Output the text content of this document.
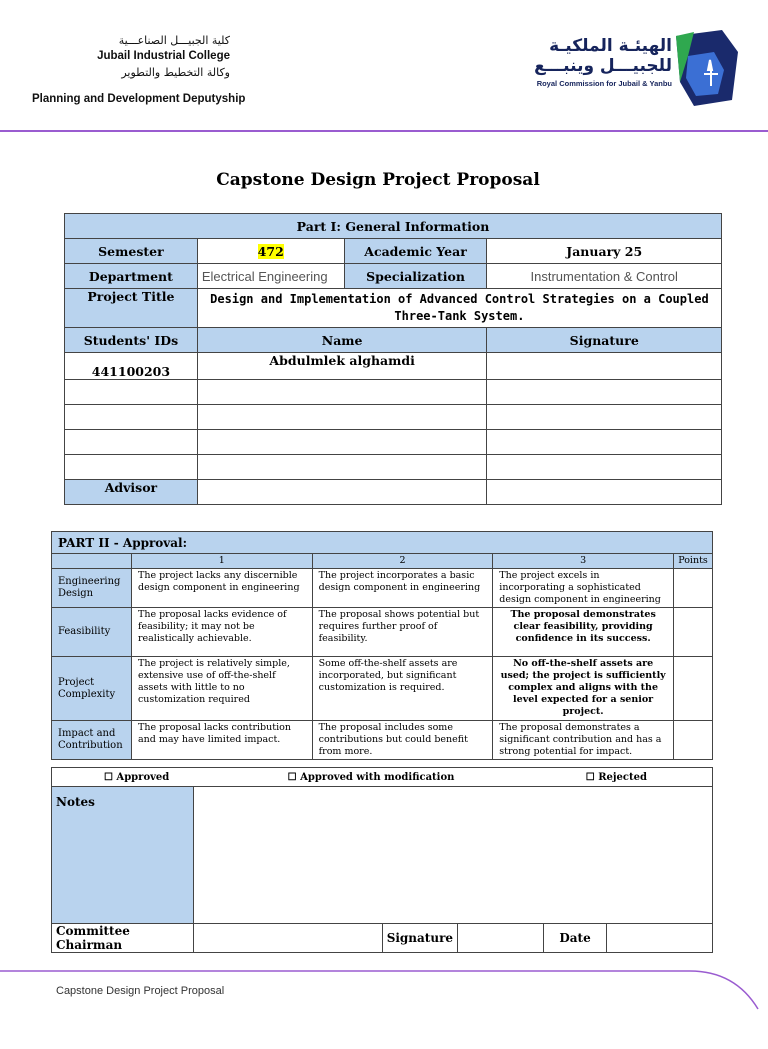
كلية الجبيـــل الصناعـــية
Jubail Industrial College
وكالة التخطيط والتطوير
Planning and Development Deputyship
الهيئـة الملكيـة
للجبيـــل وينبـــع
Royal Commission for Jubail & Yanbu
Capstone Design Project Proposal
Part I: General Information			
Semester	472	Academic Year	January 25
Department	Electrical Engineering	Specialization	Instrumentation & Control
Project Title	Design and Implementation of Advanced Control Strategies on a Coupled Three-Tank System.		
Students' IDs	Name		Signature
441100203	Abdulmlek alghamdi		

Advisor			
PART II - Approval:				
	1	2	3	Points
Engineering Design	The project lacks any discernible design component in engineering	The project incorporates a basic design component in engineering	The project excels in incorporating a sophisticated design component in engineering	
Feasibility	The proposal lacks evidence of feasibility; it may not be realistically achievable.	The proposal shows potential but requires further proof of feasibility.	The proposal demonstrates clear feasibility, providing confidence in its success.	
Project Complexity	The project is relatively simple, extensive use of off-the-shelf assets with little to no customization required	Some off-the-shelf assets are incorporated, but significant customization is required.	No off-the-shelf assets are used; the project is sufficiently complex and aligns with the level expected for a senior project.	
Impact and Contribution	The proposal lacks contribution and may have limited impact.	The proposal includes some contributions but could benefit from more.	The proposal demonstrates a significant contribution and has a strong potential for impact.	
☐ Approved	☐ Approved with modification	☐ Rejected
Notes					
Committee Chairman		Signature		Date	
Capstone Design Project Proposal
